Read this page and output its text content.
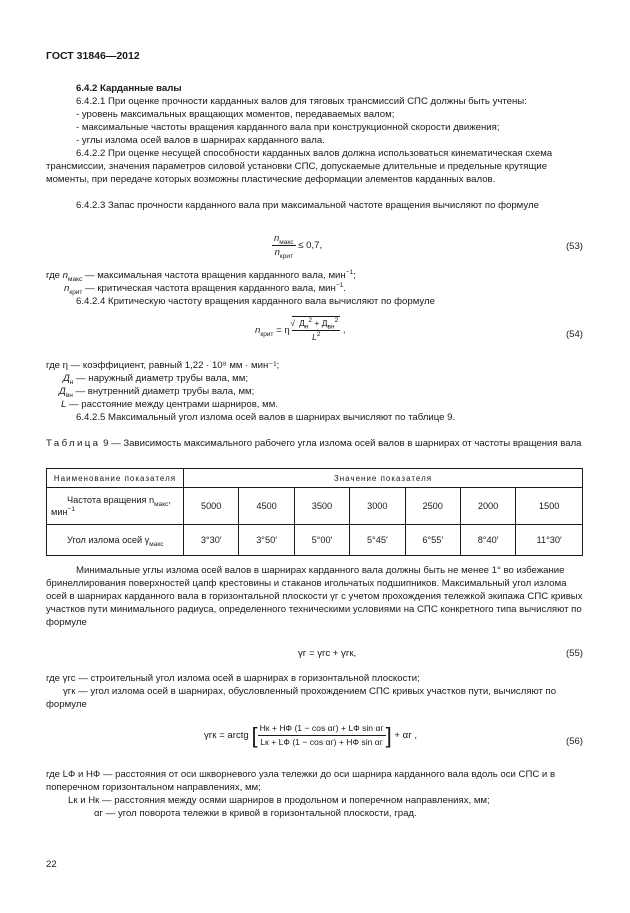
ГОСТ 31846—2012
6.4.2 Карданные валы
6.4.2.1 При оценке прочности карданных валов для тяговых трансмиссий СПС должны быть учтены:
- уровень максимальных вращающих моментов, передаваемых валом;
- максимальные частоты вращения карданного вала при конструкционной скорости движения;
- углы излома осей валов в шарнирах карданного вала.
6.4.2.2 При оценке несущей способности карданных валов должна использоваться кинематическая схема трансмиссии, значения параметров силовой установки СПС, допускаемые длительные и предельные крутящие моменты, при передаче которых возможны пластические деформации элементов карданных валов.
6.4.2.3 Запас прочности карданного вала при максимальной частоте вращения вычисляют по формуле
$\frac{n_{макс}}{n_{крит}} \le 0,7$,	(53)
где $n_{макс}$ — максимальная частота вращения карданного вала, мин$^{-1}$;
$n_{крит}$ — критическая частота вращения карданного вала, мин$^{-1}$.
6.4.2.4 Критическую частоту вращения карданного вала вычисляют по формуле
$n_{крит} = \eta \frac{√ Д_н^2 + Д_{вн}^2}{L^2}$ ,	(54)
где η — коэффициент, равный 1,22 · 10⁸ мм · мин⁻¹;
$Д_н$ — наружный диаметр трубы вала, мм;
$Д_{вн}$ — внутренний диаметр трубы вала, мм;
L — расстояние между центрами шарниров, мм.
6.4.2.5 Максимальный угол излома осей валов в шарнирах вычисляют по таблице 9.
Таблица 9 — Зависимость максимального рабочего угла излома осей валов в шарнирах от частоты вращения вала
Наименование показателя	Значение показателя						
Частота вращения $n_{макс}$,
мин$^{-1}$	5000	4500	3500	3000	2500	2000	1500
Угол излома осей $\gamma_{макс}$	3°30′	3°50′	5°00′	5°45′	6°55′	8°40′	11°30′
Минимальные углы излома осей валов в шарнирах карданного вала должны быть не менее 1° во избежание бринеллирования поверхностей цапф крестовины и стаканов игольчатых подшипников. Максимальный угол излома осей в шарнирах карданного вала в горизонтальной плоскости γг с учетом прохождения тележкой экипажа СПС кривых участков пути минимального радиуса, определенного техническими условиями на СПС конкретного типа вычисляют по формуле
γг = γгс + γгк,	(55)
где γгс — строительный угол излома осей в шарнирах в горизонтальной плоскости;
γгк — угол излома осей в шарнирах, обусловленный прохождением СПС кривых участков пути, вычисляют по формуле
γгк = arctg [ $\frac{\text{Hк + HФ (1 − cos αг) + LФ sin αг}}{\text{Lк + LФ (1 − cos αг) + HФ sin αг}}$ ] + αг ,
(56)
где LФ и HФ — расстояния от оси шкворневого узла тележки до оси шарнира карданного вала вдоль оси СПС и в поперечном горизонтальном направлениях, мм;
Lк и Hк — расстояния между осями шарниров в продольном и поперечном направлениях, мм;
αг — угол поворота тележки в кривой в горизонтальной плоскости, град.
22
